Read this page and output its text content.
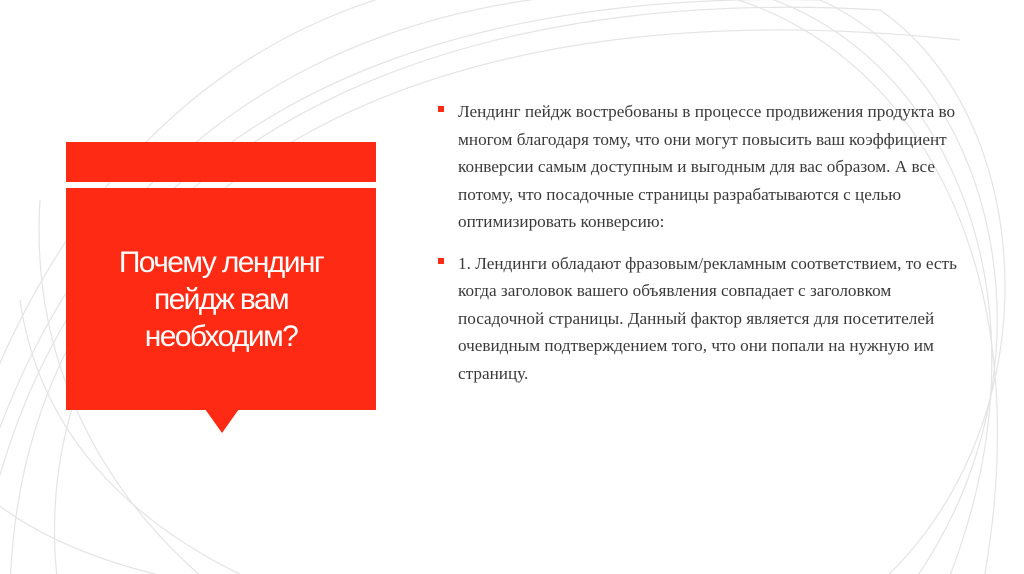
Почему лендинг пейдж вам необходим?

Лендинг пейдж востребованы в процессе продвижения продукта во многом благодаря тому, что они могут повысить ваш коэффициент конверсии самым доступным и выгодным для вас образом. А все потому, что посадочные страницы разрабатываются с целью оптимизировать конверсию:

1. Лендинги обладают фразовым/рекламным соответствием, то есть когда заголовок вашего объявления совпадает с заголовком посадочной страницы. Данный фактор является для посетителей очевидным подтверждением того, что они попали на нужную им страницу.
